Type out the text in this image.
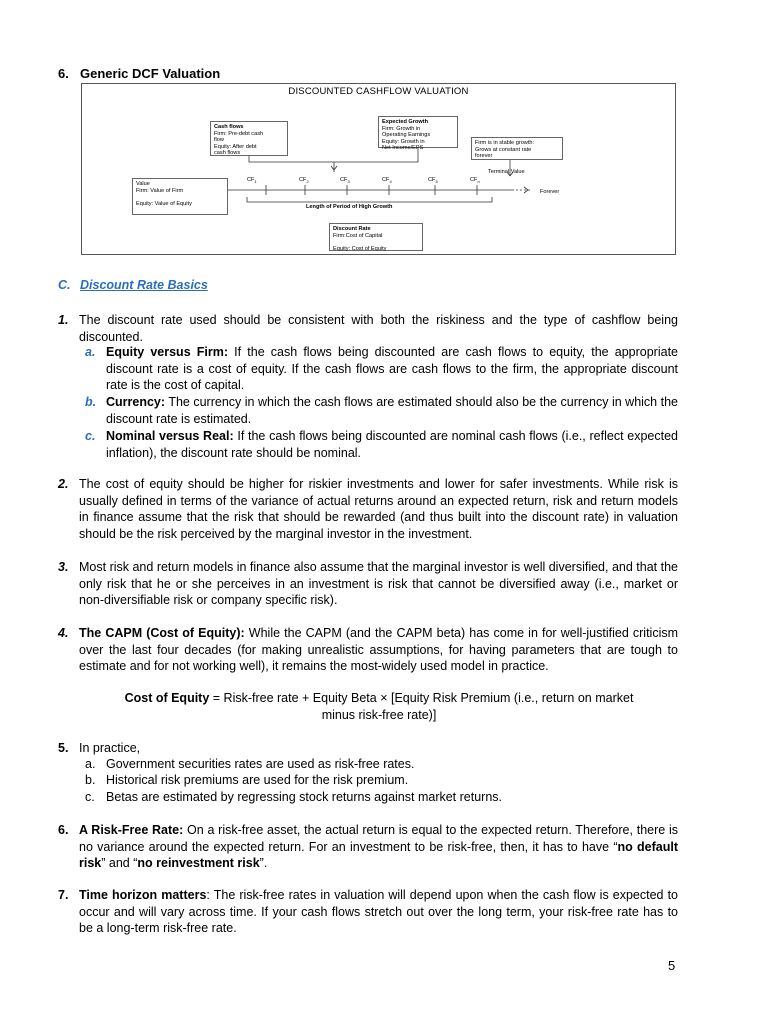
6. Generic DCF Valuation
DISCOUNTED CASHFLOW VALUATION
Cash flows
Firm: Pre-debt cash
flow
Equity: After debt
cash flows
Expected Growth
Firm: Growth in
Operating Earnings
Equity: Growth in
Net Income/EPS
Firm is in stable growth:
Grows at constant rate
forever
Terminal Value
Value
Firm: Value of Firm

Equity: Value of Equity
$CF_1$	$CF_2$	$CF_3$	$CF_4$	$CF_5$	$CF_n$
Forever
Length of Period of High Growth
Discount Rate
Firm:Cost of Capital

Equity: Cost of Equity
C. Discount Rate Basics
1. The discount rate used should be consistent with both the riskiness and the type of cashflow being discounted.
a. Equity versus Firm: If the cash flows being discounted are cash flows to equity, the appropriate discount rate is a cost of equity. If the cash flows are cash flows to the firm, the appropriate discount rate is the cost of capital.
b. Currency: The currency in which the cash flows are estimated should also be the currency in which the discount rate is estimated.
c. Nominal versus Real: If the cash flows being discounted are nominal cash flows (i.e., reflect expected inflation), the discount rate should be nominal.
2. The cost of equity should be higher for riskier investments and lower for safer investments. While risk is usually defined in terms of the variance of actual returns around an expected return, risk and return models in finance assume that the risk that should be rewarded (and thus built into the discount rate) in valuation should be the risk perceived by the marginal investor in the investment.
3. Most risk and return models in finance also assume that the marginal investor is well diversified, and that the only risk that he or she perceives in an investment is risk that cannot be diversified away (i.e., market or non-diversifiable risk or company specific risk).
4. The CAPM (Cost of Equity): While the CAPM (and the CAPM beta) has come in for well-justified criticism over the last four decades (for making unrealistic assumptions, for having parameters that are tough to estimate and for not working well), it remains the most-widely used model in practice.
Cost of Equity = Risk-free rate + Equity Beta × [Equity Risk Premium (i.e., return on market
minus risk-free rate)]
5. In practice,
a. Government securities rates are used as risk-free rates.
b. Historical risk premiums are used for the risk premium.
c. Betas are estimated by regressing stock returns against market returns.
6. A Risk-Free Rate: On a risk-free asset, the actual return is equal to the expected return. Therefore, there is no variance around the expected return. For an investment to be risk-free, then, it has to have “no default risk” and “no reinvestment risk”.
7. Time horizon matters: The risk-free rates in valuation will depend upon when the cash flow is expected to occur and will vary across time. If your cash flows stretch out over the long term, your risk-free rate has to be a long-term risk-free rate.
5
